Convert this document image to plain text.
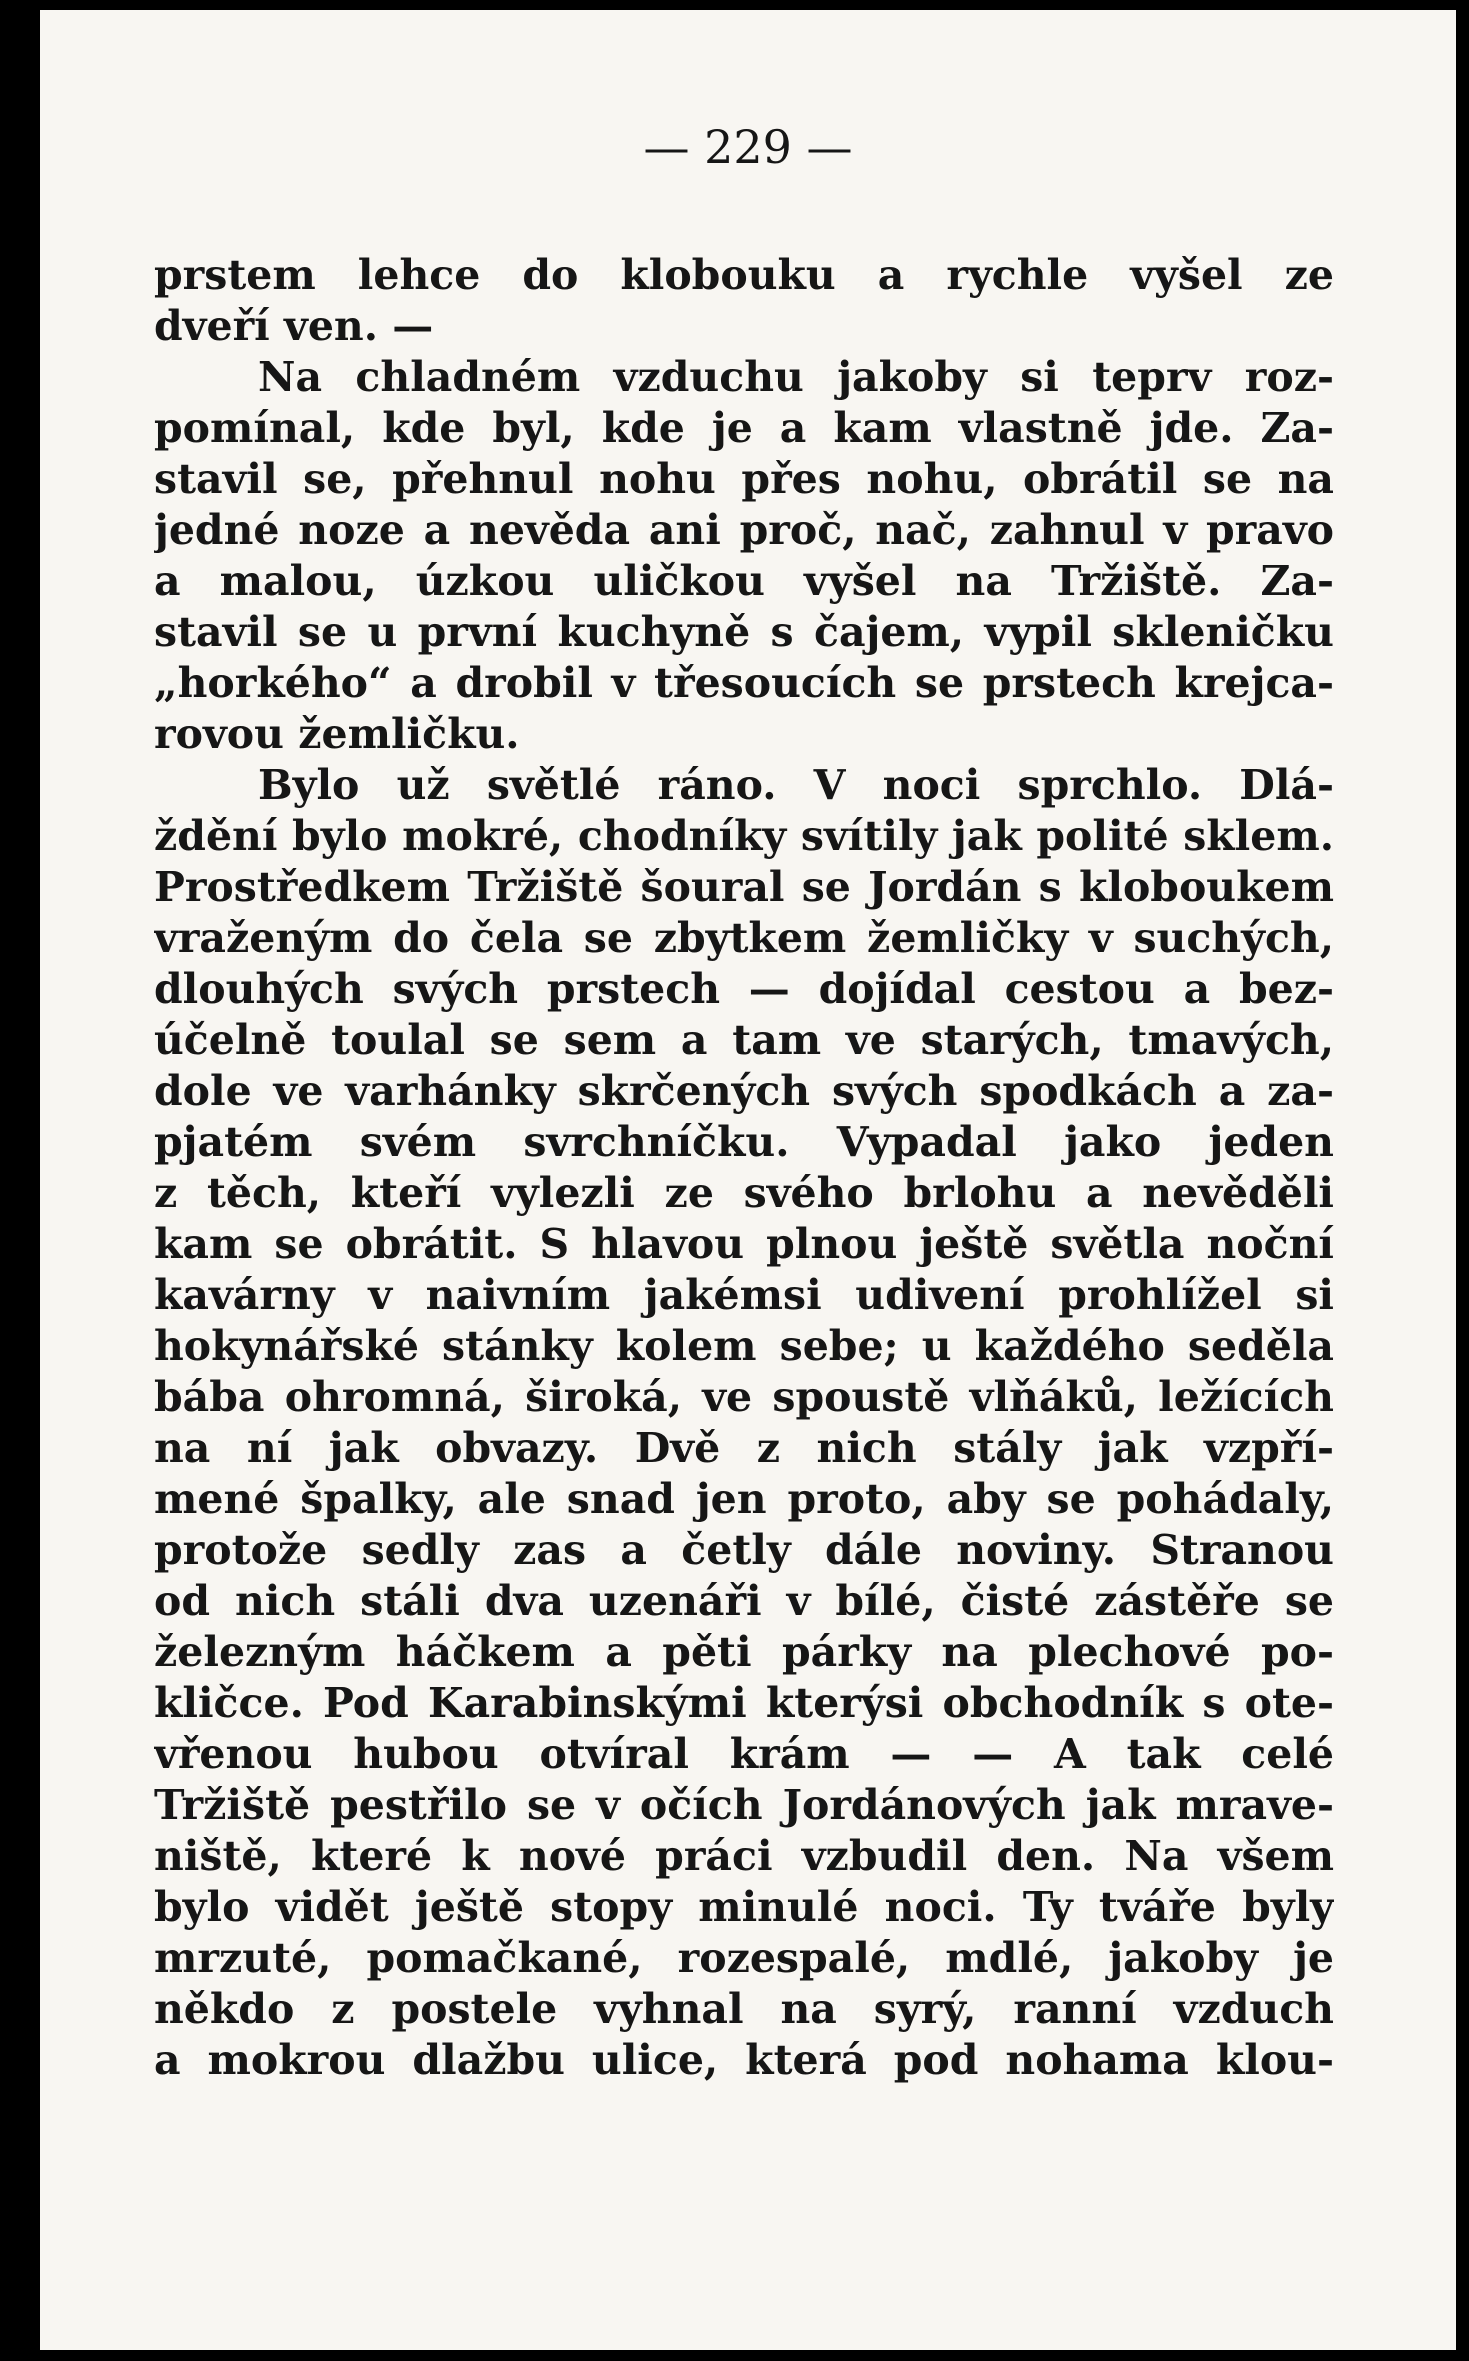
— 229 —
prstem lehce do klobouku a rychle vyšel ze
dveří ven. —
Na chladném vzduchu jakoby si teprv roz-
pomínal, kde byl, kde je a kam vlastně jde. Za-
stavil se, přehnul nohu přes nohu, obrátil se na
jedné noze a nevěda ani proč, nač, zahnul v pravo
a malou, úzkou uličkou vyšel na Tržiště. Za-
stavil se u první kuchyně s čajem, vypil skleničku
„horkého“ a drobil v třesoucích se prstech krejca-
rovou žemličku.
Bylo už světlé ráno. V noci sprchlo. Dlá-
ždění bylo mokré, chodníky svítily jak polité sklem.
Prostředkem Tržiště šoural se Jordán s kloboukem
vraženým do čela se zbytkem žemličky v suchých,
dlouhých svých prstech — dojídal cestou a bez-
účelně toulal se sem a tam ve starých, tmavých,
dole ve varhánky skrčených svých spodkách a za-
pjatém svém svrchníčku. Vypadal jako jeden
z těch, kteří vylezli ze svého brlohu a nevěděli
kam se obrátit. S hlavou plnou ještě světla noční
kavárny v naivním jakémsi udivení prohlížel si
hokynářské stánky kolem sebe; u každého seděla
bába ohromná, široká, ve spoustě vlňáků, ležících
na ní jak obvazy. Dvě z nich stály jak vzpří-
mené špalky, ale snad jen proto, aby se pohádaly,
protože sedly zas a četly dále noviny. Stranou
od nich stáli dva uzenáři v bílé, čisté zástěře se
železným háčkem a pěti párky na plechové po-
kličce. Pod Karabinskými kterýsi obchodník s ote-
vřenou hubou otvíral krám — — A tak celé
Tržiště pestřilo se v očích Jordánových jak mrave-
niště, které k nové práci vzbudil den. Na všem
bylo vidět ještě stopy minulé noci. Ty tváře byly
mrzuté, pomačkané, rozespalé, mdlé, jakoby je
někdo z postele vyhnal na syrý, ranní vzduch
a mokrou dlažbu ulice, která pod nohama klou-
